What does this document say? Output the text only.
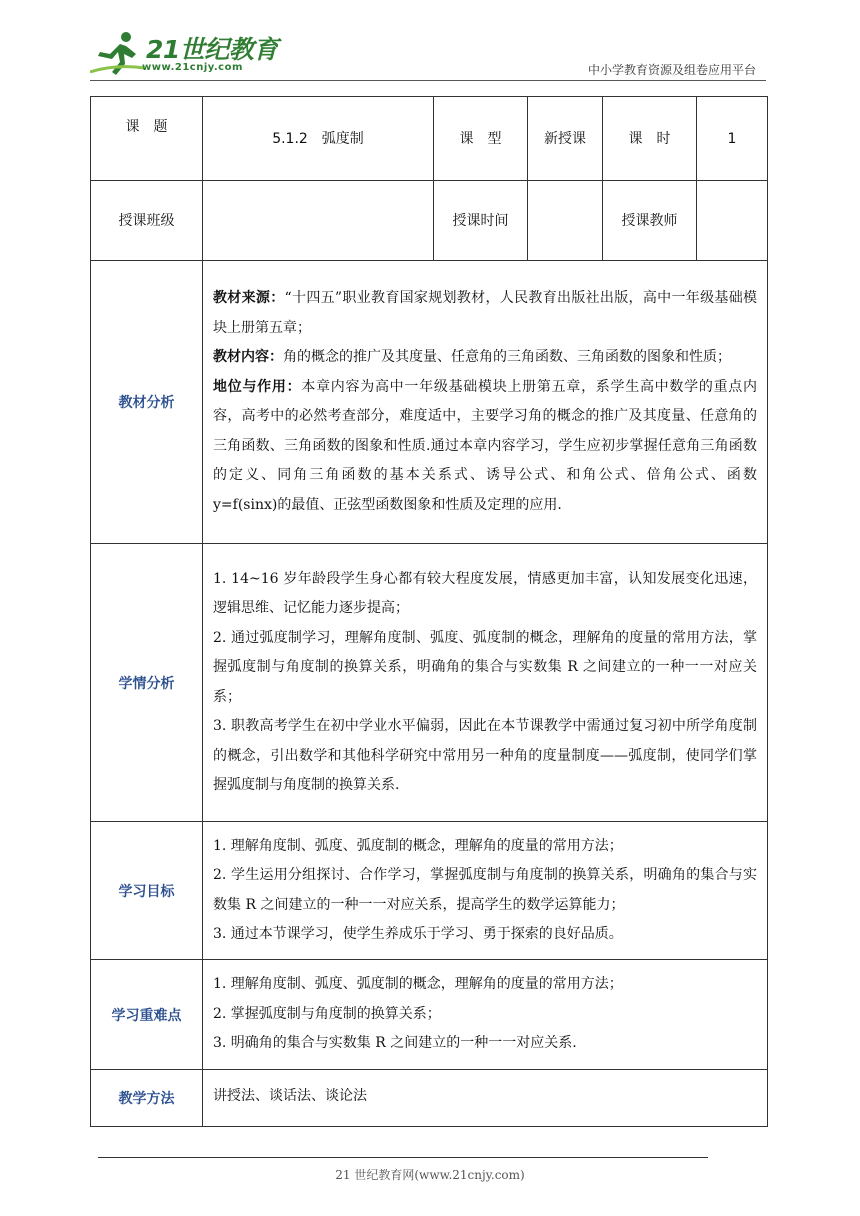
21世纪教育
www.21cnjy.com	中小学教育资源及组卷应用平台
课　题	5.1.2　弧度制	课　型	新授课	课　时	1
授课班级		授课时间		授课教师	
教材分析	教材来源：“十四五”职业教育国家规划教材，人民教育出版社出版，高中一年级基础模块上册第五章；

教材内容：角的概念的推广及其度量、任意角的三角函数、三角函数的图象和性质；

地位与作用：本章内容为高中一年级基础模块上册第五章，系学生高中数学的重点内容，高考中的必然考查部分，难度适中，主要学习角的概念的推广及其度量、任意角的三角函数、三角函数的图象和性质.通过本章内容学习，学生应初步掌握任意角三角函数的定义、同角三角函数的基本关系式、诱导公式、和角公式、倍角公式、函数 y=f(sinx)的最值、正弦型函数图象和性质及定理的应用.				

学情分析	1. 14~16 岁年龄段学生身心都有较大程度发展，情感更加丰富，认知发展变化迅速，逻辑思维、记忆能力逐步提高；

2. 通过弧度制学习，理解角度制、弧度、弧度制的概念，理解角的度量的常用方法，掌握弧度制与角度制的换算关系，明确角的集合与实数集 R 之间建立的一种一一对应关系；

3. 职教高考学生在初中学业水平偏弱，因此在本节课教学中需通过复习初中所学角度制的概念，引出数学和其他科学研究中常用另一种角的度量制度——弧度制，使同学们掌握弧度制与角度制的换算关系.				

学习目标	1. 理解角度制、弧度、弧度制的概念，理解角的度量的常用方法；

2. 学生运用分组探讨、合作学习，掌握弧度制与角度制的换算关系，明确角的集合与实数集 R 之间建立的一种一一对应关系，提高学生的数学运算能力；

3. 通过本节课学习，使学生养成乐于学习、勇于探索的良好品质。				

学习重难点	1. 理解角度制、弧度、弧度制的概念，理解角的度量的常用方法；

2. 掌握弧度制与角度制的换算关系；

3. 明确角的集合与实数集 R 之间建立的一种一一对应关系.				

教学方法	讲授法、谈话法、谈论法				
21 世纪教育网(www.21cnjy.com)
